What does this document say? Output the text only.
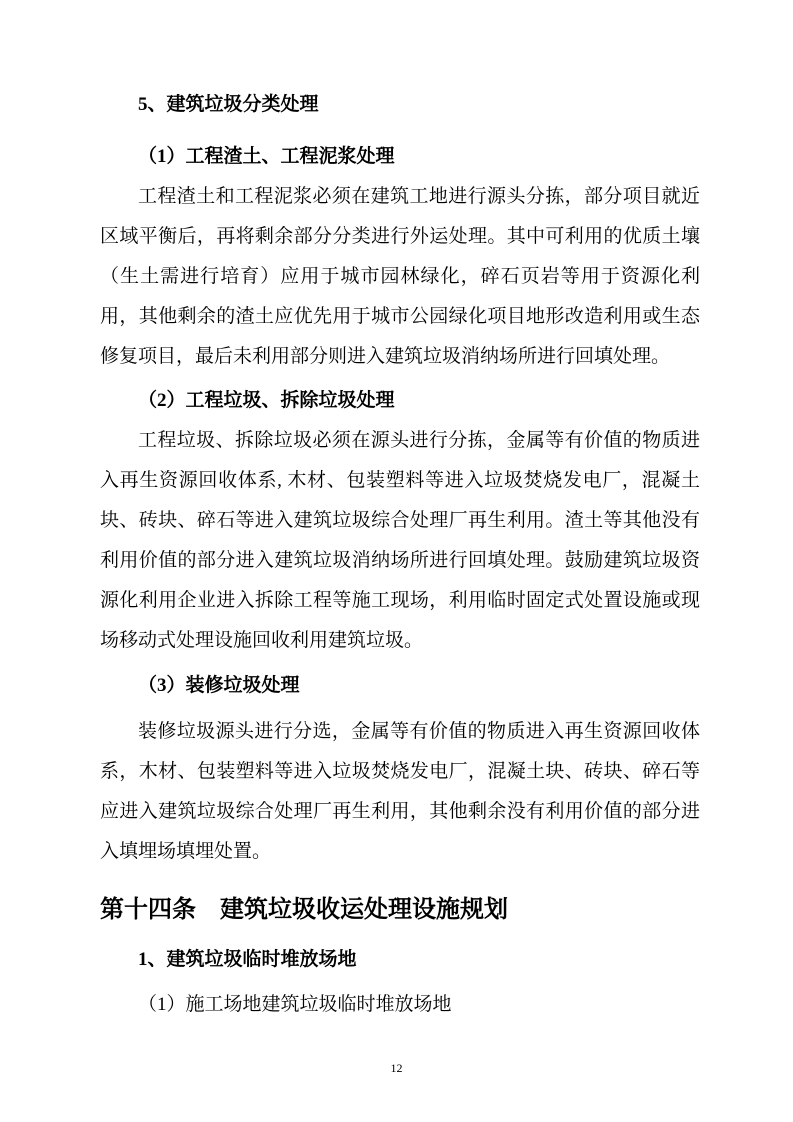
5、建筑垃圾分类处理
（1）工程渣土、工程泥浆处理
工程渣土和工程泥浆必须在建筑工地进行源头分拣，部分项目就近区域平衡后，再将剩余部分分类进行外运处理。其中可利用的优质土壤（生土需进行培育）应用于城市园林绿化，碎石页岩等用于资源化利用，其他剩余的渣土应优先用于城市公园绿化项目地形改造利用或生态修复项目，最后未利用部分则进入建筑垃圾消纳场所进行回填处理。
（2）工程垃圾、拆除垃圾处理
工程垃圾、拆除垃圾必须在源头进行分拣，金属等有价值的物质进入再生资源回收体系, 木材、包装塑料等进入垃圾焚烧发电厂，混凝土块、砖块、碎石等进入建筑垃圾综合处理厂再生利用。渣土等其他没有利用价值的部分进入建筑垃圾消纳场所进行回填处理。鼓励建筑垃圾资源化利用企业进入拆除工程等施工现场，利用临时固定式处置设施或现场移动式处理设施回收利用建筑垃圾。
（3）装修垃圾处理
装修垃圾源头进行分选，金属等有价值的物质进入再生资源回收体系，木材、包装塑料等进入垃圾焚烧发电厂，混凝土块、砖块、碎石等应进入建筑垃圾综合处理厂再生利用，其他剩余没有利用价值的部分进入填埋场填埋处置。
第十四条 建筑垃圾收运处理设施规划
1、建筑垃圾临时堆放场地
（1）施工场地建筑垃圾临时堆放场地
12
